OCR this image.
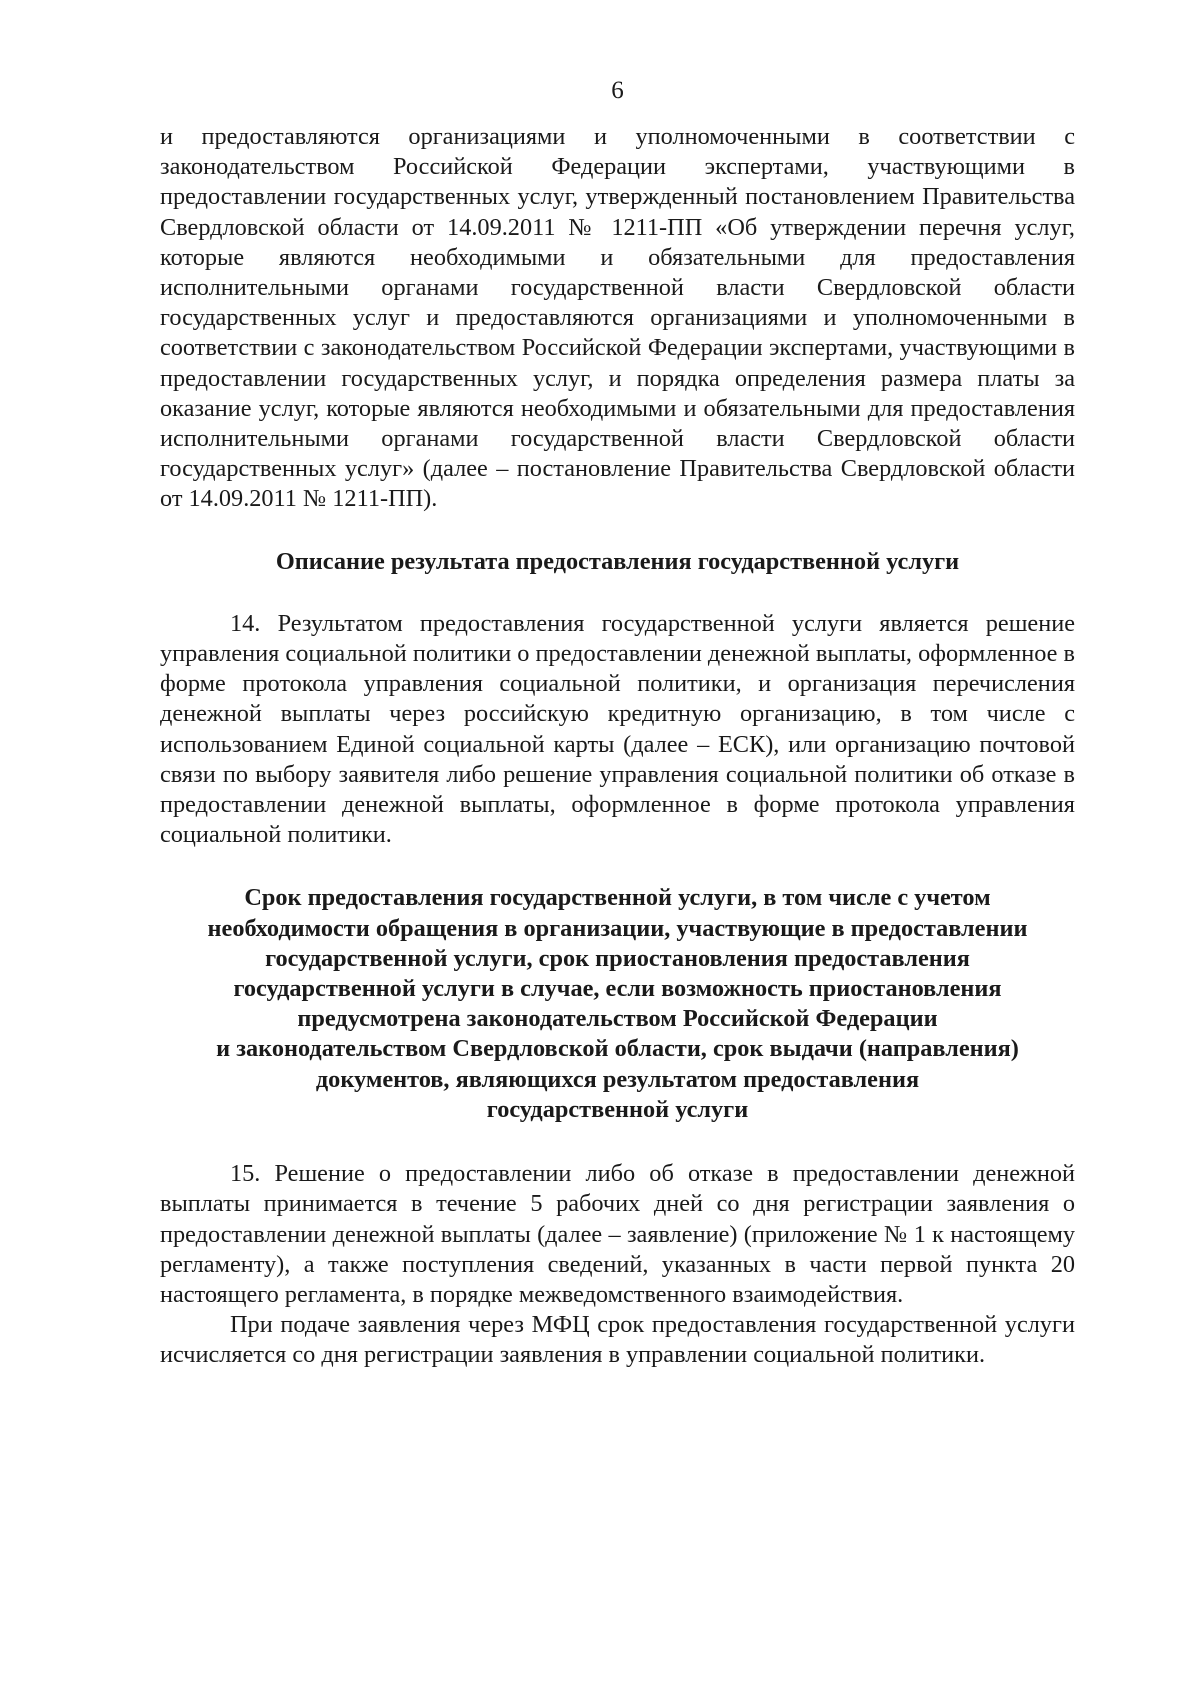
6

и предоставляются организациями и уполномоченными в соответствии с законодательством Российской Федерации экспертами, участвующими в предоставлении государственных услуг, утвержденный постановлением Правительства Свердловской области от 14.09.2011 № 1211-ПП «Об утверждении перечня услуг, которые являются необходимыми и обязательными для предоставления исполнительными органами государственной власти Свердловской области государственных услуг и предоставляются организациями и уполномоченными в соответствии с законодательством Российской Федерации экспертами, участвующими в предоставлении государственных услуг, и порядка определения размера платы за оказание услуг, которые являются необходимыми и обязательными для предоставления исполнительными органами государственной власти Свердловской области государственных услуг» (далее – постановление Правительства Свердловской области от 14.09.2011 № 1211-ПП).

Описание результата предоставления государственной услуги

14. Результатом предоставления государственной услуги является решение управления социальной политики о предоставлении денежной выплаты, оформленное в форме протокола управления социальной политики, и организация перечисления денежной выплаты через российскую кредитную организацию, в том числе с использованием Единой социальной карты (далее – ЕСК), или организацию почтовой связи по выбору заявителя либо решение управления социальной политики об отказе в предоставлении денежной выплаты, оформленное в форме протокола управления социальной политики.

Срок предоставления государственной услуги, в том числе с учетом
необходимости обращения в организации, участвующие в предоставлении
государственной услуги, срок приостановления предоставления
государственной услуги в случае, если возможность приостановления
предусмотрена законодательством Российской Федерации
и законодательством Свердловской области, срок выдачи (направления)
документов, являющихся результатом предоставления
государственной услуги

15. Решение о предоставлении либо об отказе в предоставлении денежной выплаты принимается в течение 5 рабочих дней со дня регистрации заявления о предоставлении денежной выплаты (далее – заявление) (приложение № 1 к настоящему регламенту), а также поступления сведений, указанных в части первой пункта 20 настоящего регламента, в порядке межведомственного взаимодействия.

При подаче заявления через МФЦ срок предоставления государственной услуги исчисляется со дня регистрации заявления в управлении социальной политики.
